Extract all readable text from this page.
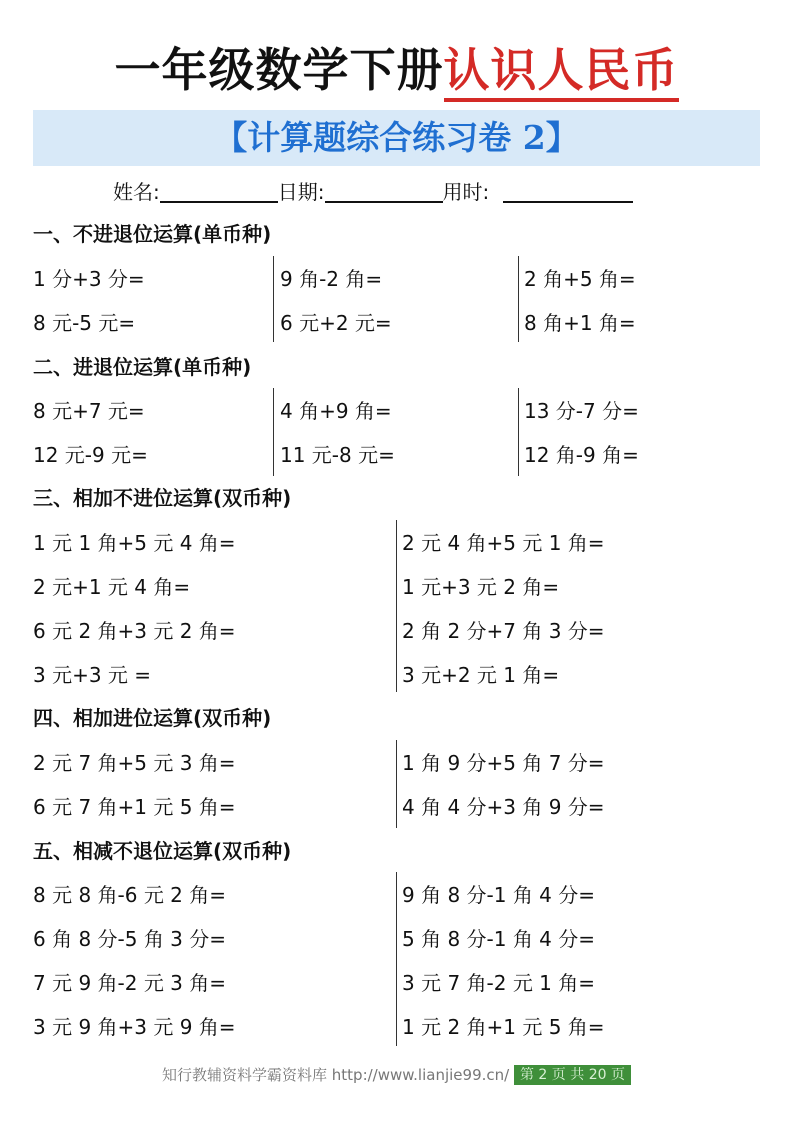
一年级数学下册认识人民币
【计算题综合练习卷 2】
姓名:	日期:	用时:
一、不进退位运算(单币种)
1 分+3 分=
8 元-5 元=
9 角-2 角=
6 元+2 元=
2 角+5 角=
8 角+1 角=
二、进退位运算(单币种)
8 元+7 元=
12 元-9 元=
4 角+9 角=
11 元-8 元=
13 分-7 分=
12 角-9 角=
三、相加不进位运算(双币种)
1 元 1 角+5 元 4 角=
2 元+1 元 4 角=
6 元 2 角+3 元 2 角=
3 元+3 元 =
2 元 4 角+5 元 1 角=
1 元+3 元 2 角=
2 角 2 分+7 角 3 分=
3 元+2 元 1 角=
四、相加进位运算(双币种)
2 元 7 角+5 元 3 角=
6 元 7 角+1 元 5 角=
1 角 9 分+5 角 7 分=
4 角 4 分+3 角 9 分=
五、相减不退位运算(双币种)
8 元 8 角-6 元 2 角=
6 角 8 分-5 角 3 分=
7 元 9 角-2 元 3 角=
3 元 9 角+3 元 9 角=
9 角 8 分-1 角 4 分=
5 角 8 分-1 角 4 分=
3 元 7 角-2 元 1 角=
1 元 2 角+1 元 5 角=
知行教辅资料学霸资料库 http://www.lianjie99.cn/ 第 2 页 共 20 页
